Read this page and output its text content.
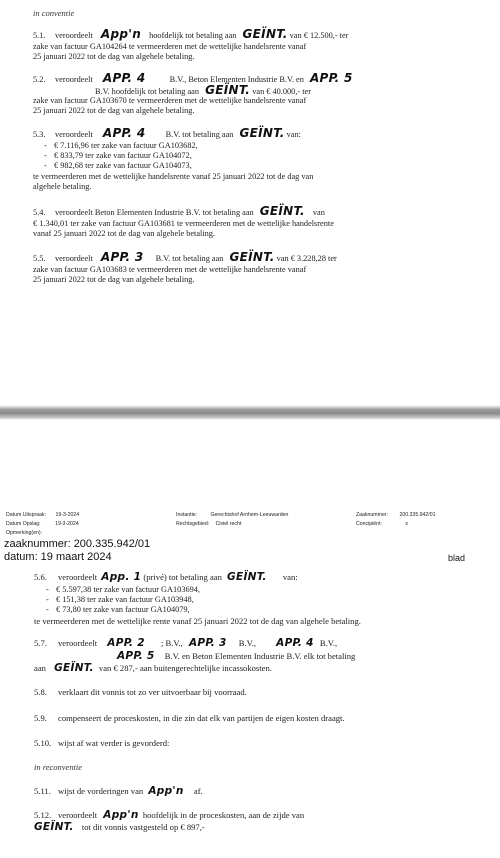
in conventie
5.1. veroordeelt App'n hoofdelijk tot betaling aan GEÏNT. van € 12.500,- ter
zake van factuur GA104264 te vermeerderen met de wettelijke handelsrente vanaf
25 januari 2022 tot de dag van algehele betaling.
5.2. veroordeelt APP. 4	B.V., Beton Elementen Industrie B.V. en APP. 5
B.V. hoofdelijk tot betaling aan GEÏNT. van € 40.000,- ter
zake van factuur GA103670 te vermeerderen met de wettelijke handelsrente vanaf
25 januari 2022 tot de dag van algehele betaling.
5.3. veroordeelt APP. 4 B.V. tot betaling aan GEÏNT. van:
- € 7.116,96 ter zake van factuur GA103682,
- € 833,79 ter zake van factuur GA104072,
- € 982,68 ter zake van factuur GA104073,
te vermeerderen met de wettelijke handelsrente vanaf 25 januari 2022 tot de dag van
algehele betaling.
5.4. veroordeelt Beton Elementen Industrie B.V. tot betaling aan GEÏNT. van
€ 1.340,01 ter zake van factuur GA103681 te vermeerderen met de wettelijke handelsrente
vanaf 25 januari 2022 tot de dag van algehele betaling.
5.5. veroordeelt APP. 3 B.V. tot betaling aan GEÏNT. van € 3.228,28 ter
zake van factuur GA103683 te vermeerderen met de wettelijke handelsrente vanaf
25 januari 2022 tot de dag van algehele betaling.
Datum Uitspraak: 19-3-2024
Datum Opslag:	19-3-2024
Opmerking(en):
Instantie:	Gerechtshof Arnhem-Leeuwarden
Rechtsgebied: Civiel recht
Zaaknummer: 200.335.942/01
Concipiënt:	x
zaaknummer: 200.335.942/01
datum: 19 maart 2024	blad
5.6. veroordeelt App. 1 (privé) tot betaling aan GEÏNT. van:
- € 5.597,38 ter zake van factuur GA103694,
- € 151,38 ter zake van factuur GA103948,
- € 73,80 ter zake van factuur GA104079,
te vermeerderen met de wettelijke rente vanaf 25 januari 2022 tot de dag van algehele betaling.
5.7. veroordeelt APP. 2 ; B.V., APP. 3 B.V., APP. 4 B.V.,
APP. 5 B.V. en Beton Elementen Industrie B.V. elk tot betaling
aan GEÏNT. van € 287,- aan buitengerechtelijke incassokosten.
5.8. verklaart dit vonnis tot zo ver uitvoerbaar bij voorraad.
5.9. compenseert de proceskosten, in die zin dat elk van partijen de eigen kosten draagt.
5.10. wijst af wat verder is gevorderd:
in reconventie
5.11. wijst de vorderingen van App'n af.
5.12. veroordeelt App'n hoofdelijk in de proceskosten, aan de zijde van
GEÏNT. tot dit vonnis vastgesteld op € 897,-
